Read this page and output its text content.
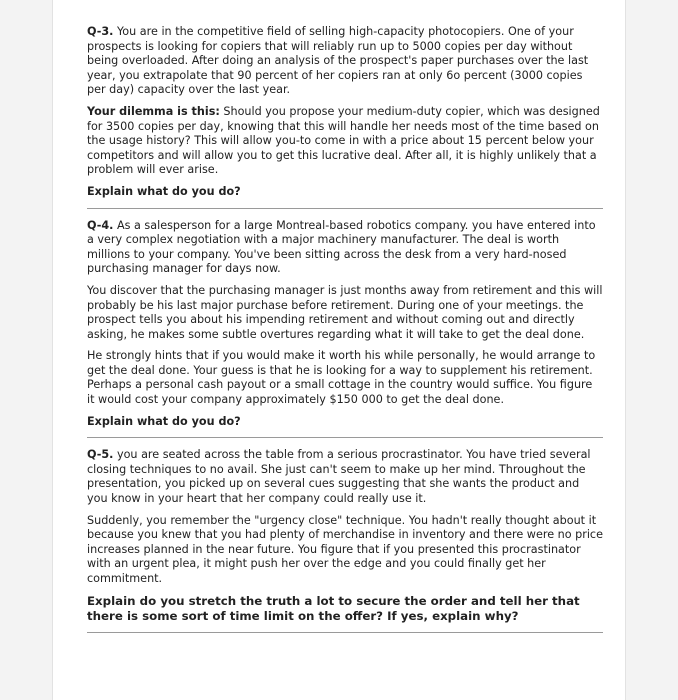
Q-3. You are in the competitive field of selling high-capacity photocopiers. One of your prospects is looking for copiers that will reliably run up to 5000 copies per day without being overloaded. After doing an analysis of the prospect's paper purchases over the last year, you extrapolate that 90 percent of her copiers ran at only 6o percent (3000 copies per day) capacity over the last year.

Your dilemma is this: Should you propose your medium-duty copier, which was designed for 3500 copies per day, knowing that this will handle her needs most of the time based on the usage history? This will allow you-to come in with a price about 15 percent below your competitors and will allow you to get this lucrative deal. After all, it is highly unlikely that a problem will ever arise.

Explain what do you do?

Q-4. As a salesperson for a large Montreal-based robotics company. you have entered into a very complex negotiation with a major machinery manufacturer. The deal is worth millions to your company. You've been sitting across the desk from a very hard-nosed purchasing manager for days now.

You discover that the purchasing manager is just months away from retirement and this will probably be his last major purchase before retirement. During one of your meetings. the prospect tells you about his impending retirement and without coming out and directly asking, he makes some subtle overtures regarding what it will take to get the deal done.

He strongly hints that if you would make it worth his while personally, he would arrange to get the deal done. Your guess is that he is looking for a way to supplement his retirement. Perhaps a personal cash payout or a small cottage in the country would suffice. You figure it would cost your company approximately $150 000 to get the deal done.

Explain what do you do?

Q-5. you are seated across the table from a serious procrastinator. You have tried several closing techniques to no avail. She just can't seem to make up her mind. Throughout the presentation, you picked up on several cues suggesting that she wants the product and you know in your heart that her company could really use it.

Suddenly, you remember the "urgency close" technique. You hadn't really thought about it because you knew that you had plenty of merchandise in inventory and there were no price increases planned in the near future. You figure that if you presented this procrastinator with an urgent plea, it might push her over the edge and you could finally get her commitment.

Explain do you stretch the truth a lot to secure the order and tell her that there is some sort of time limit on the offer? If yes, explain why?
